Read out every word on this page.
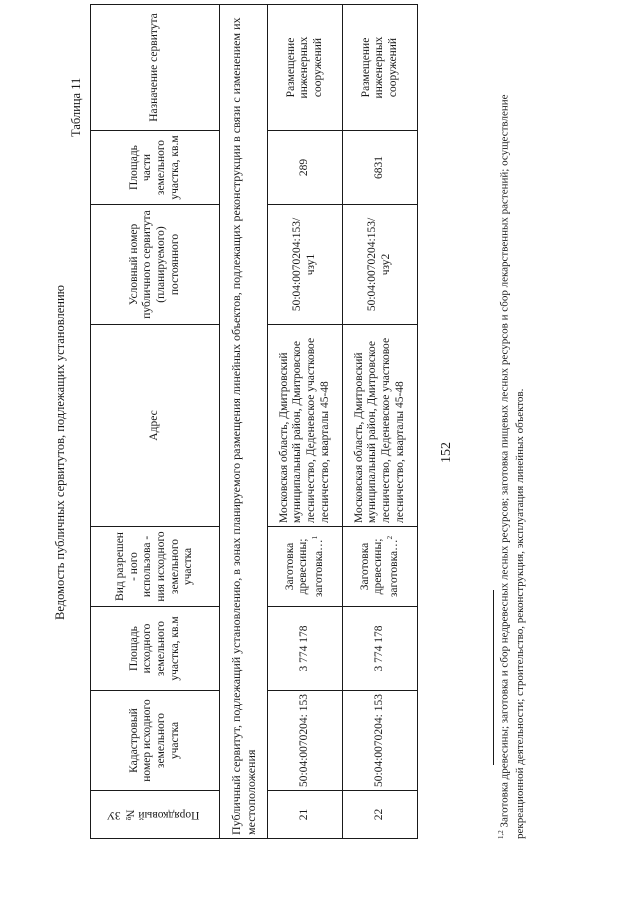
152
Ведомость публичных сервитутов, подлежащих установлению
Таблица 11
Порядковый № ЗУ	Кадастровый номер исходного земельного участка	Площадь исходного земельного участка, кв.м	Вид разрешен - ного использова - ния исходного земельного участка	Адрес	Условный номер публичного сервитута (планируемого) постоянного	Площадь части земельного участка, кв.м	Назначение сервитута
Публичный сервитут, подлежащий установлению, в зонах планируемого размещения линейных объектов, подлежащих реконструкции в связи с изменением их местоположения							
21	50:04:0070204: 153	3 774 178	Заготовка древесины; заготовка…$^1$	Московская область, Дмитровский муниципальный район, Дмитровское лесничество, Деденевское участковое лесничество, кварталы 45-48	50:04:0070204:153/ чзу1	289	Размещение инженерных сооружений
22	50:04:0070204: 153	3 774 178	Заготовка древесины; заготовка…$^2$	Московская область, Дмитровский муниципальный район, Дмитровское лесничество, Деденевское участковое лесничество, кварталы 45-48	50:04:0070204:153/ чзу2	6831	Размещение инженерных сооружений
$^{1,2}$ Заготовка древесины; заготовка и сбор недревесных лесных ресурсов; заготовка пищевых лесных ресурсов и сбор лекарственных растений; осуществление рекреационной деятельности; строительство, реконструкция, эксплуатация линейных объектов.
